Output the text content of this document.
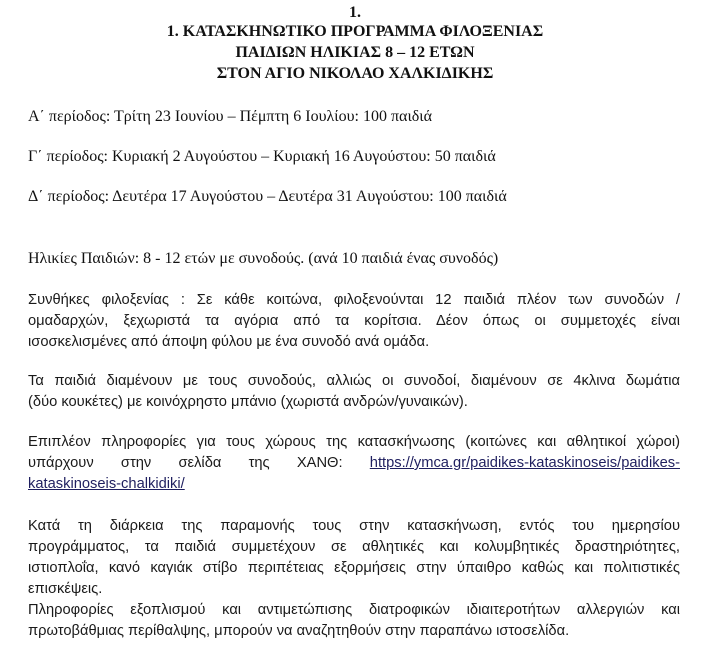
1.
1. ΚΑΤΑΣΚΗΝΩΤΙΚΟ ΠΡΟΓΡΑΜΜΑ ΦΙΛΟΞΕΝΙΑΣ
ΠΑΙΔΙΩΝ ΗΛΙΚΙΑΣ 8 – 12 ΕΤΩΝ
ΣΤΟΝ ΑΓΙΟ ΝΙΚΟΛΑΟ ΧΑΛΚΙΔΙΚΗΣ
Α΄ περίοδος: Τρίτη 23 Ιουνίου – Πέμπτη 6 Ιουλίου: 100 παιδιά
Γ΄ περίοδος: Κυριακή 2 Αυγούστου – Κυριακή 16 Αυγούστου: 50 παιδιά
Δ΄ περίοδος: Δευτέρα 17 Αυγούστου – Δευτέρα 31 Αυγούστου: 100 παιδιά
Ηλικίες Παιδιών: 8 - 12 ετών με συνοδούς. (ανά 10 παιδιά ένας συνοδός)
Συνθήκες φιλοξενίας : Σε κάθε κοιτώνα, φιλοξενούνται 12 παιδιά πλέον των συνοδών /
ομαδαρχών, ξεχωριστά τα αγόρια από τα κορίτσια. Δέον όπως οι συμμετοχές είναι
ισοσκελισμένες από άποψη φύλου με ένα συνοδό ανά ομάδα.
Τα παιδιά διαμένουν με τους συνοδούς, αλλιώς οι συνοδοί, διαμένουν σε 4κλινα δωμάτια
(δύο κουκέτες) με κοινόχρηστο μπάνιο (χωριστά ανδρών/γυναικών).
Επιπλέον πληροφορίες για τους χώρους της κατασκήνωσης (κοιτώνες και αθλητικοί χώροι)
υπάρχουν στην σελίδα της ΧΑΝΘ: https://ymca.gr/paidikes-kataskinoseis/paidikes-
kataskinoseis-chalkidiki/
Κατά τη διάρκεια της παραμονής τους στην κατασκήνωση, εντός του ημερησίου
προγράμματος, τα παιδιά συμμετέχουν σε αθλητικές και κολυμβητικές δραστηριότητες,
ιστιοπλοΐα, κανό καγιάκ στίβο περιπέτειας εξορμήσεις στην ύπαιθρο καθώς και πολιτιστικές
επισκέψεις.
Πληροφορίες εξοπλισμού και αντιμετώπισης διατροφικών ιδιαιτεροτήτων αλλεργιών και
πρωτοβάθμιας περίθαλψης, μπορούν να αναζητηθούν στην παραπάνω ιστοσελίδα.
